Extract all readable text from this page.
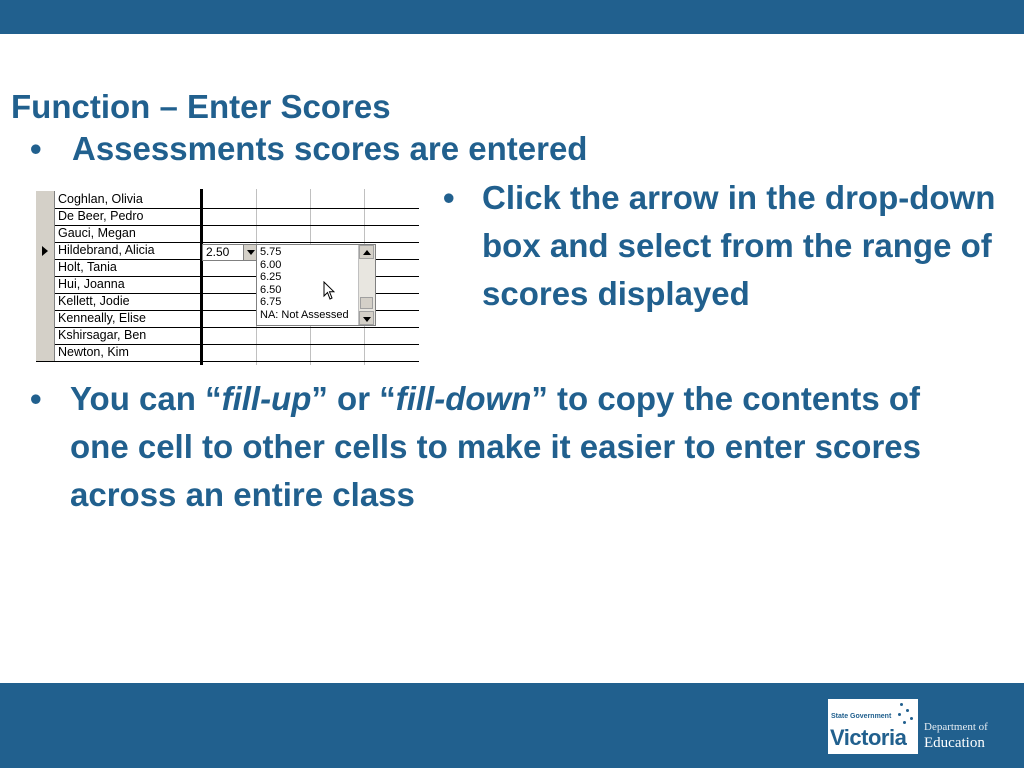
Function – Enter Scores
• Assessments scores are entered
Coghlan, Olivia
De Beer, Pedro
Gauci, Megan
Hildebrand, Alicia
Holt, Tania
Hui, Joanna
Kellett, Jodie
Kenneally, Elise
Kshirsagar, Ben
Newton, Kim
2.50	5.75
6.00
6.25
6.50
6.75
NA: Not Assessed
• Click the arrow in the drop-down box and select from the range of scores displayed
• You can “fill-up” or “fill-down” to copy the contents of one cell to other cells to make it easier to enter scores across an entire class
State Government
Victoria Department of
Education
